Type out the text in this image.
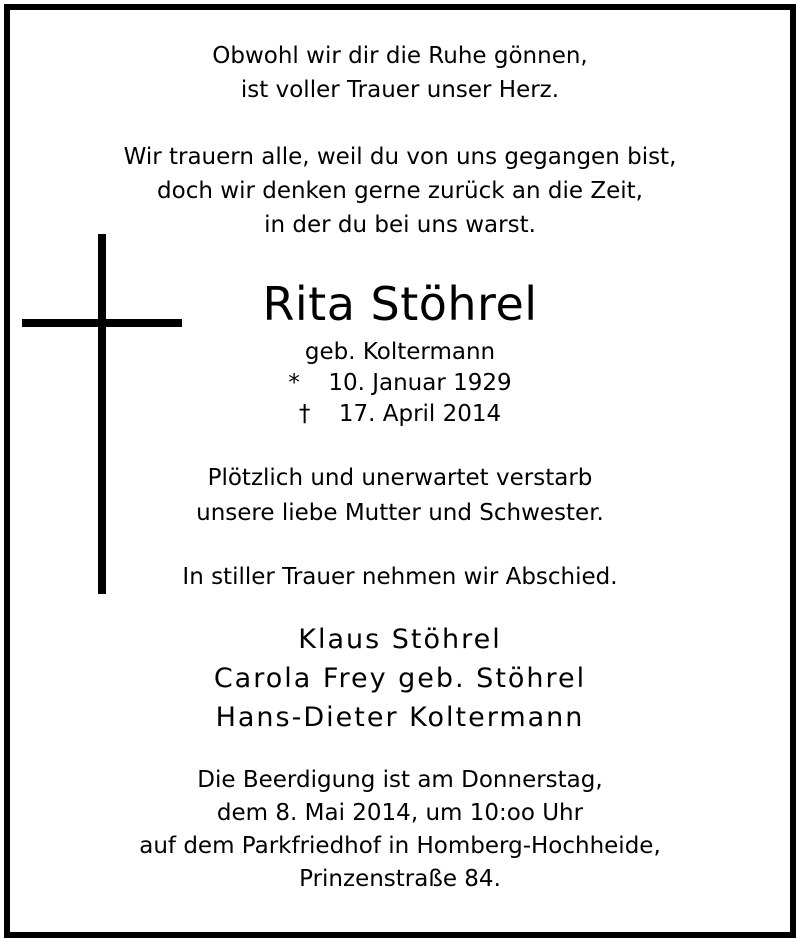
Obwohl wir dir die Ruhe gönnen,
ist voller Trauer unser Herz.
Wir trauern alle, weil du von uns gegangen bist,
doch wir denken gerne zurück an die Zeit,
in der du bei uns warst.
Rita Stöhrel
geb. Koltermann
* 10. Januar 1929
† 17. April 2014
Plötzlich und unerwartet verstarb
unsere liebe Mutter und Schwester.
In stiller Trauer nehmen wir Abschied.
Klaus Stöhrel
Carola Frey geb. Stöhrel
Hans-Dieter Koltermann
Die Beerdigung ist am Donnerstag,
dem 8. Mai 2014, um 10:oo Uhr
auf dem Parkfriedhof in Homberg-Hochheide,
Prinzenstraße 84.
